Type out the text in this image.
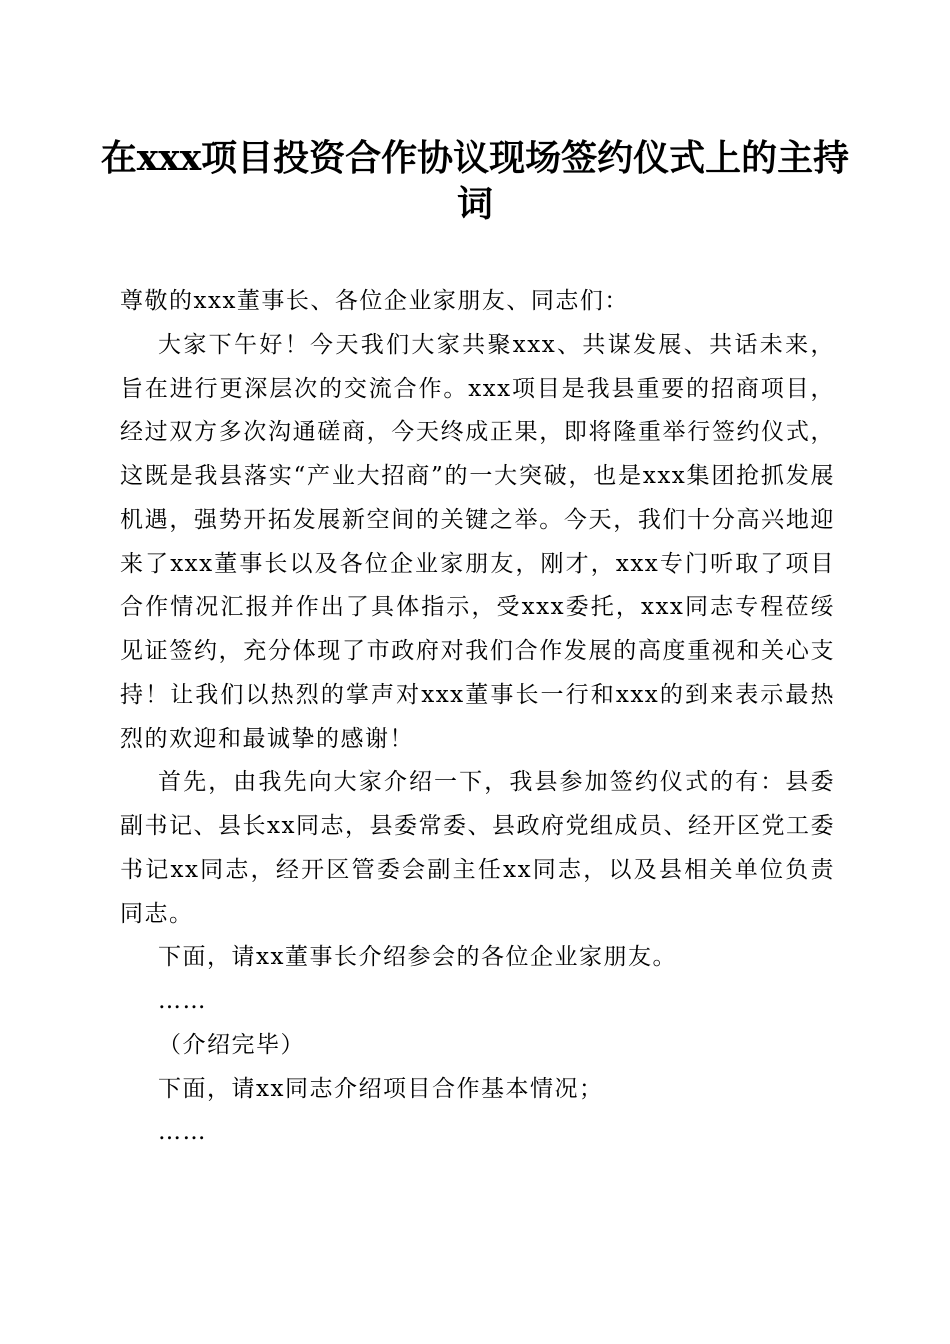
在xxx项目投资合作协议现场签约仪式上的主持词

尊敬的xxx董事长、各位企业家朋友、同志们：

大家下午好！今天我们大家共聚xxx、共谋发展、共话未来，旨在进行更深层次的交流合作。xxx项目是我县重要的招商项目，经过双方多次沟通磋商，今天终成正果，即将隆重举行签约仪式，这既是我县落实“产业大招商”的一大突破，也是xxx集团抢抓发展机遇，强势开拓发展新空间的关键之举。今天，我们十分高兴地迎来了xxx董事长以及各位企业家朋友，刚才，xxx专门听取了项目合作情况汇报并作出了具体指示，受xxx委托，xxx同志专程莅绥见证签约，充分体现了市政府对我们合作发展的高度重视和关心支持！让我们以热烈的掌声对xxx董事长一行和xxx的到来表示最热烈的欢迎和最诚挚的感谢！

首先，由我先向大家介绍一下，我县参加签约仪式的有：县委副书记、县长xx同志，县委常委、县政府党组成员、经开区党工委书记xx同志，经开区管委会副主任xx同志，以及县相关单位负责同志。

下面，请xx董事长介绍参会的各位企业家朋友。

……

（介绍完毕）

下面，请xx同志介绍项目合作基本情况；

……
